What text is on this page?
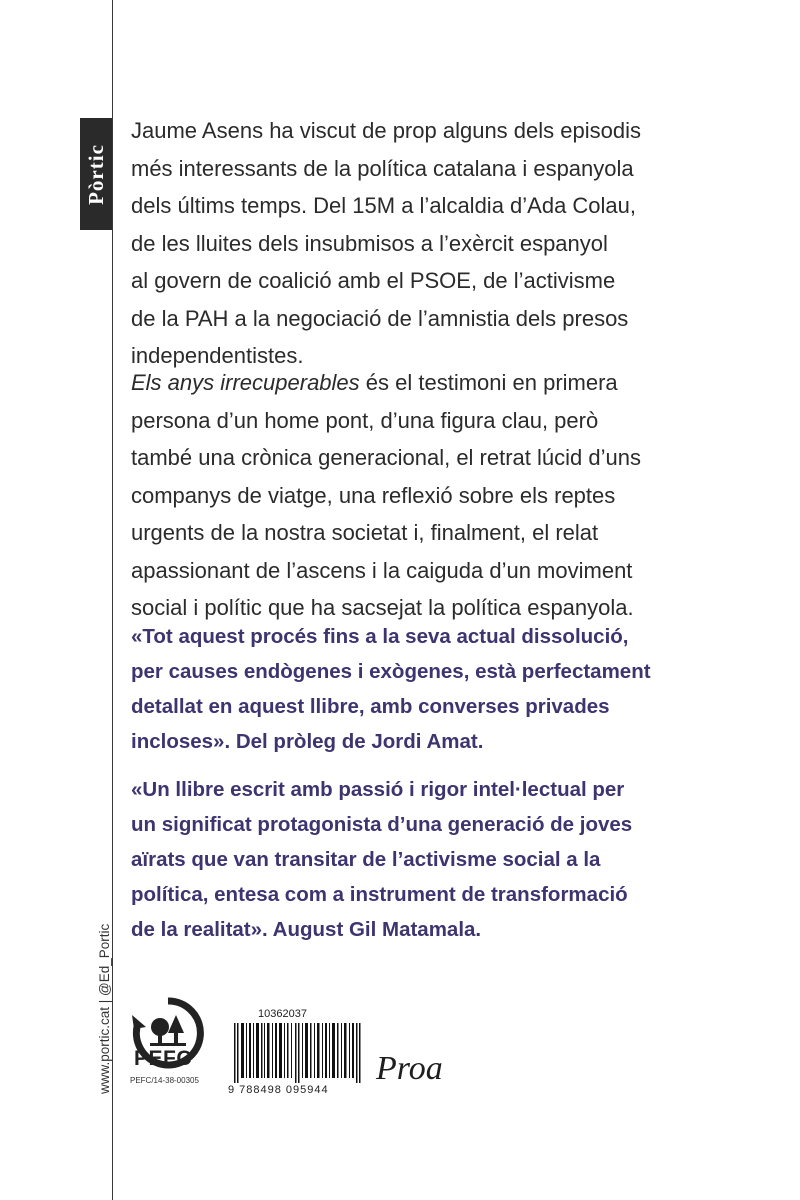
Pòrtic
www.portic.cat | @Ed_Portic

Jaume Asens ha viscut de prop alguns dels episodis

més interessants de la política catalana i espanyola

dels últims temps. Del 15M a l’alcaldia d’Ada Colau,

de les lluites dels insubmisos a l’exèrcit espanyol

al govern de coalició amb el PSOE, de l’activisme

de la PAH a la negociació de l’amnistia dels presos

independentistes.

Els anys irrecuperables és el testimoni en primera

persona d’un home pont, d’una figura clau, però

també una crònica generacional, el retrat lúcid d’uns

companys de viatge, una reflexió sobre els reptes

urgents de la nostra societat i, finalment, el relat

apassionant de l’ascens i la caiguda d’un moviment

social i polític que ha sacsejat la política espanyola.

«Tot aquest procés fins a la seva actual dissolució,

per causes endògenes i exògenes, està perfectament

detallat en aquest llibre, amb converses privades

incloses». Del pròleg de Jordi Amat.

«Un llibre escrit amb passió i rigor intel·lectual per

un significat protagonista d’una generació de joves

aïrats que van transitar de l’activisme social a la

política, entesa com a instrument de transformació

de la realitat». August Gil Matamala.

PEFC
PEFC/14-38-00305
10362037
9 788498 095944
Proa
